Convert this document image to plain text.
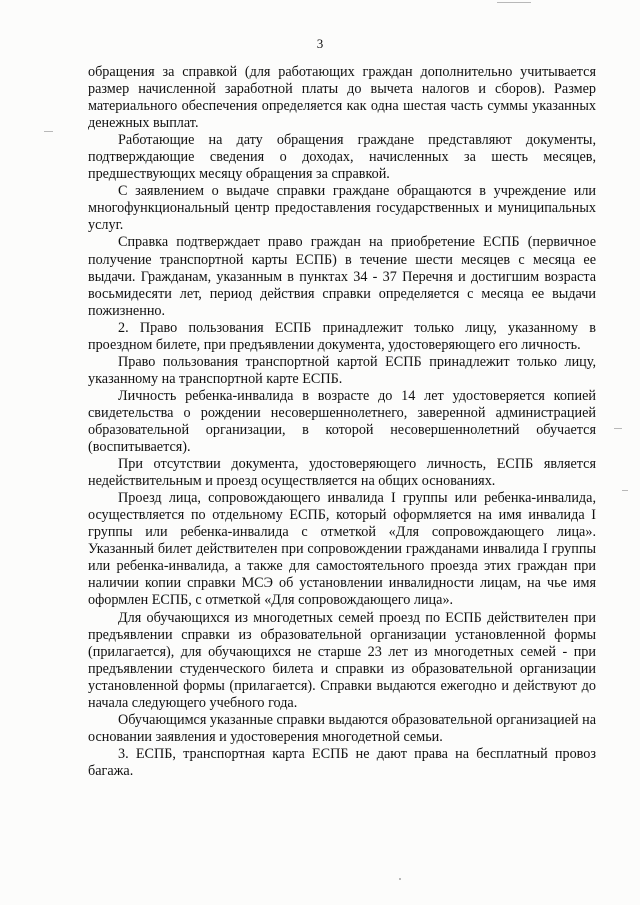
3

обращения за справкой (для работающих граждан дополнительно учитывается размер начисленной заработной платы до вычета налогов и сборов). Размер материального обеспечения определяется как одна шестая часть суммы указанных денежных выплат.

Работающие на дату обращения граждане представляют документы, подтверждающие сведения о доходах, начисленных за шесть месяцев, предшествующих месяцу обращения за справкой.

С заявлением о выдаче справки граждане обращаются в учреждение или многофункциональный центр предоставления государственных и муниципальных услуг.

Справка подтверждает право граждан на приобретение ЕСПБ (первичное получение транспортной карты ЕСПБ) в течение шести месяцев с месяца ее выдачи. Гражданам, указанным в пунктах 34 - 37 Перечня и достигшим возраста восьмидесяти лет, период действия справки определяется с месяца ее выдачи пожизненно.

2. Право пользования ЕСПБ принадлежит только лицу, указанному в проездном билете, при предъявлении документа, удостоверяющего его личность.

Право пользования транспортной картой ЕСПБ принадлежит только лицу, указанному на транспортной карте ЕСПБ.

Личность ребенка-инвалида в возрасте до 14 лет удостоверяется копией свидетельства о рождении несовершеннолетнего, заверенной администрацией образовательной организации, в которой несовершеннолетний обучается (воспитывается).

При отсутствии документа, удостоверяющего личность, ЕСПБ является недействительным и проезд осуществляется на общих основаниях.

Проезд лица, сопровождающего инвалида I группы или ребенка-инвалида, осуществляется по отдельному ЕСПБ, который оформляется на имя инвалида I группы или ребенка-инвалида с отметкой «Для сопровождающего лица». Указанный билет действителен при сопровождении гражданами инвалида I группы или ребенка-инвалида, а также для самостоятельного проезда этих граждан при наличии копии справки МСЭ об установлении инвалидности лицам, на чье имя оформлен ЕСПБ, с отметкой «Для сопровождающего лица».

Для обучающихся из многодетных семей проезд по ЕСПБ действителен при предъявлении справки из образовательной организации установленной формы (прилагается), для обучающихся не старше 23 лет из многодетных семей - при предъявлении студенческого билета и справки из образовательной организации установленной формы (прилагается). Справки выдаются ежегодно и действуют до начала следующего учебного года.

Обучающимся указанные справки выдаются образовательной организацией на основании заявления и удостоверения многодетной семьи.

3. ЕСПБ, транспортная карта ЕСПБ не дают права на бесплатный провоз багажа.
